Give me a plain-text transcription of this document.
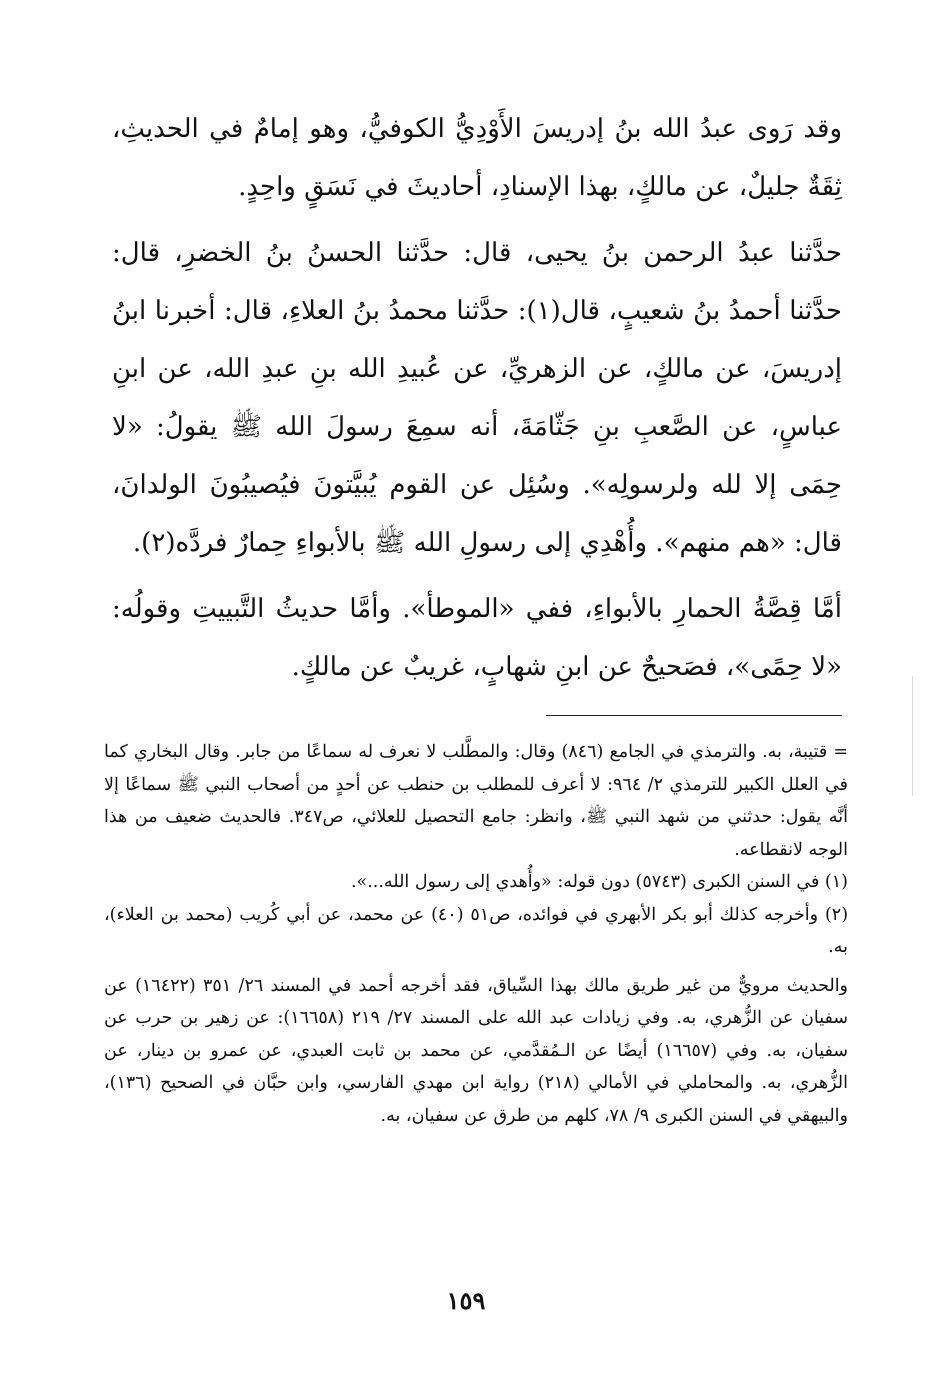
وقد رَوى عبدُ الله بنُ إدريسَ الأَوْدِيُّ الكوفيُّ، وهو إمامٌ في الحديثِ، ثِقَةٌ جليلٌ، عن مالكٍ، بهذا الإسنادِ، أحاديثَ في نَسَقٍ واحِدٍ.

حدَّثنا عبدُ الرحمن بنُ يحيى، قال: حدَّثنا الحسنُ بنُ الخضرِ، قال: حدَّثنا أحمدُ بنُ شعيبٍ، قال(١): حدَّثنا محمدُ بنُ العلاءِ، قال: أخبرنا ابنُ إدريسَ، عن مالكٍ، عن الزهريِّ، عن عُبيدِ الله بنِ عبدِ الله، عن ابنِ عباسٍ، عن الصَّعبِ بنِ جَثّامَةَ، أنه سمِعَ رسولَ الله ﷺ يقولُ: «لا حِمَى إلا لله ولرسولِه». وسُئِل عن القوم يُبيَّتونَ فيُصيبُونَ الولدانَ، قال: «هم منهم». وأُهْدِي إلى رسولِ الله ﷺ بالأبواءِ حِمارٌ فردَّه(٢).

أمَّا قِصَّةُ الحمارِ بالأبواءِ، ففي «الموطأ». وأمَّا حديثُ التَّبييتِ وقولُه: «لا حِمًى»، فصَحيحٌ عن ابنِ شهابٍ، غريبٌ عن مالكٍ.

= قتيبة، به. والترمذي في الجامع (٨٤٦) وقال: والمطَّلب لا نعرف له سماعًا من جابر. وقال البخاري كما في العلل الكبير للترمذي ٢/ ٩٦٤: لا أعرف للمطلب بن حنطب عن أحدٍ من أصحاب النبي ﷺ سماعًا إلا أنَّه يقول: حدثني من شهد النبي ﷺ، وانظر: جامع التحصيل للعلائي، ص٣٤٧. فالحديث ضعيف من هذا الوجه لانقطاعه.

(١) في السنن الكبرى (٥٧٤٣) دون قوله: «وأُهدي إلى رسول الله...».

(٢) وأخرجه كذلك أبو بكر الأبهري في فوائده، ص٥١ (٤٠) عن محمد، عن أبي كُريب (محمد بن العلاء)، به.

والحديث مرويٌّ من غير طريق مالك بهذا السِّياق، فقد أخرجه أحمد في المسند ٢٦/ ٣٥١ (١٦٤٢٢) عن سفيان عن الزُّهري، به. وفي زيادات عبد الله على المسند ٢٧/ ٢١٩ (١٦٦٥٨): عن زهير بن حرب عن سفيان، به. وفي (١٦٦٥٧) أيضًا عن الـمُقدَّمي، عن محمد بن ثابت العبدي، عن عمرو بن دينار، عن الزُّهري، به. والمحاملي في الأمالي (٢١٨) رواية ابن مهدي الفارسي، وابن حبَّان في الصحيح (١٣٦)، والبيهقي في السنن الكبرى ٩/ ٧٨، كلهم من طرق عن سفيان، به.

١٥٩
